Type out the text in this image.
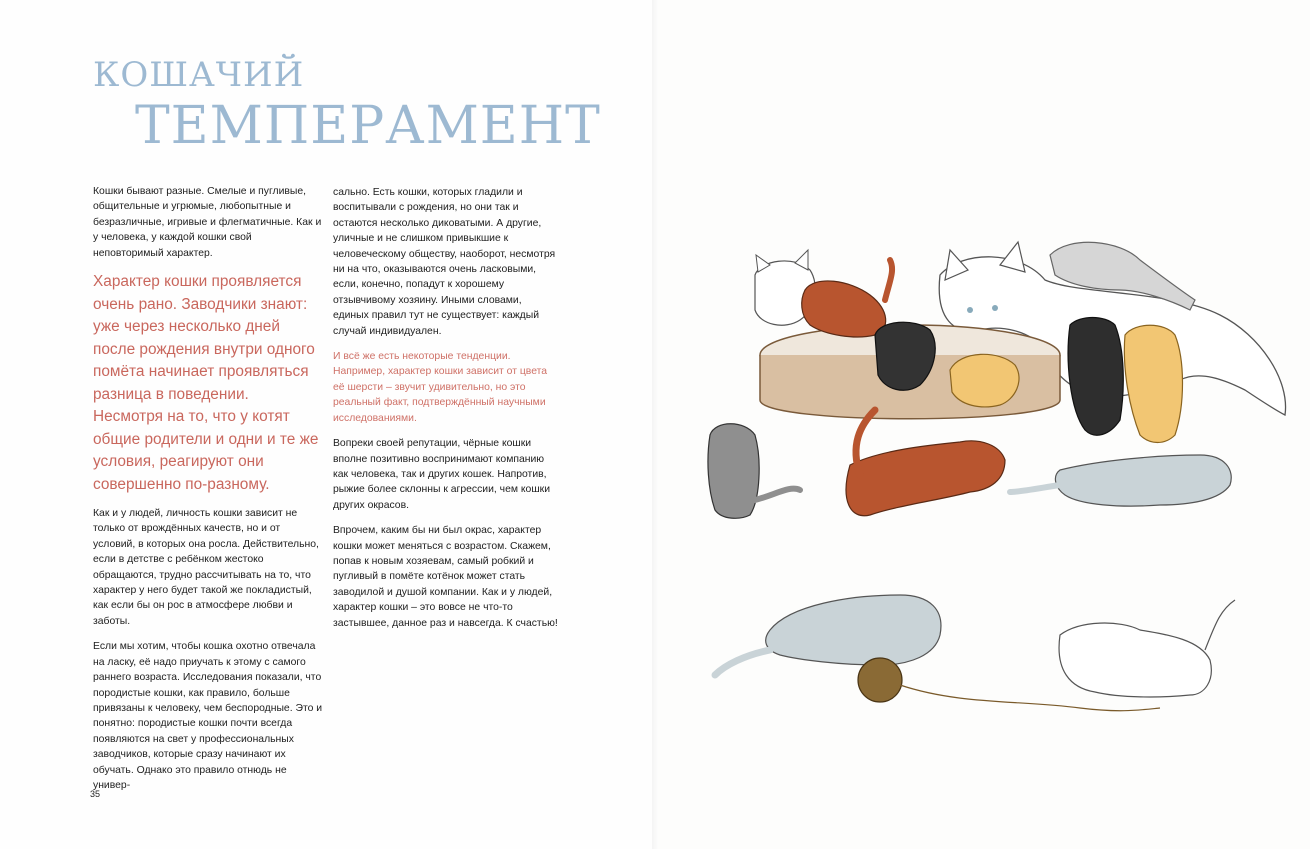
КОШАЧИЙ
ТЕМПЕРАМЕНТ

Кошки бывают разные. Смелые и пугливые, общительные и угрюмые, любопытные и безразличные, игривые и флегматичные. Как и у человека, у каждой кошки свой неповторимый характер.

Характер кошки проявляется очень рано. Заводчики знают: уже через несколько дней после рождения внутри одного помёта начинает проявляться разница в поведении. Несмотря на то, что у котят общие родители и одни и те же условия, реагируют они совершенно по-разному.

Как и у людей, личность кошки зависит не только от врождённых качеств, но и от условий, в которых она росла. Действительно, если в детстве с ребёнком жестоко обращаются, трудно рассчитывать на то, что характер у него будет такой же покладистый, как если бы он рос в атмосфере любви и заботы.

Если мы хотим, чтобы кошка охотно отвечала на ласку, её надо приучать к этому с самого раннего возраста. Исследования показали, что породистые кошки, как правило, больше привязаны к человеку, чем беспородные. Это и понятно: породистые кошки почти всегда появляются на свет у профессиональных заводчиков, которые сразу начинают их обучать. Однако это правило отнюдь не универ-

сально. Есть кошки, которых гладили и воспитывали с рождения, но они так и остаются несколько диковатыми. А другие, уличные и не слишком привыкшие к человеческому обществу, наоборот, несмотря ни на что, оказываются очень ласковыми, если, конечно, попадут к хорошему отзывчивому хозяину. Иными словами, единых правил тут не существует: каждый случай индивидуален.

И всё же есть некоторые тенденции. Например, характер кошки зависит от цвета её шерсти – звучит удивительно, но это реальный факт, подтверждённый научными исследованиями.

Вопреки своей репутации, чёрные кошки вполне позитивно воспринимают компанию как человека, так и других кошек. Напротив, рыжие более склонны к агрессии, чем кошки других окрасов.

Впрочем, каким бы ни был окрас, характер кошки может меняться с возрастом. Скажем, попав к новым хозяевам, самый робкий и пугливый в помёте котёнок может стать заводилой и душой компании. Как и у людей, характер кошки – это вовсе не что-то застывшее, данное раз и навсегда. К счастью!

35
